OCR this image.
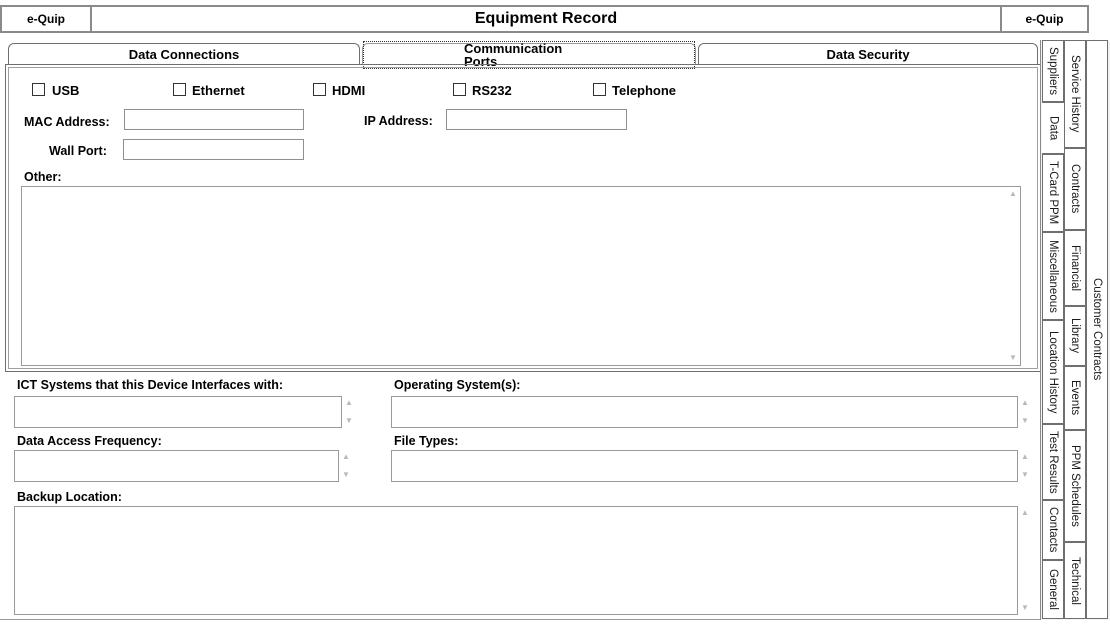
e-Quip	Equipment Record	e-Quip
Data Connections	Communication Ports	Data Security
USB	Ethernet	HDMI	RS232	Telephone
MAC Address:	IP Address:
Wall Port:
Other:
▲
▼
ICT Systems that this Device Interfaces with:
▲
▼
Operating System(s):
▲
▼
Data Access Frequency:
▲
▼
File Types:
▲
▼
Backup Location:
▲
▼
Suppliers
Data
T-Card PPM
Miscellaneous
Location History
Test Results
Contacts
General
Service History
Contracts
Financial
Library
Events
PPM Schedules
Technical
Customer Contracts
